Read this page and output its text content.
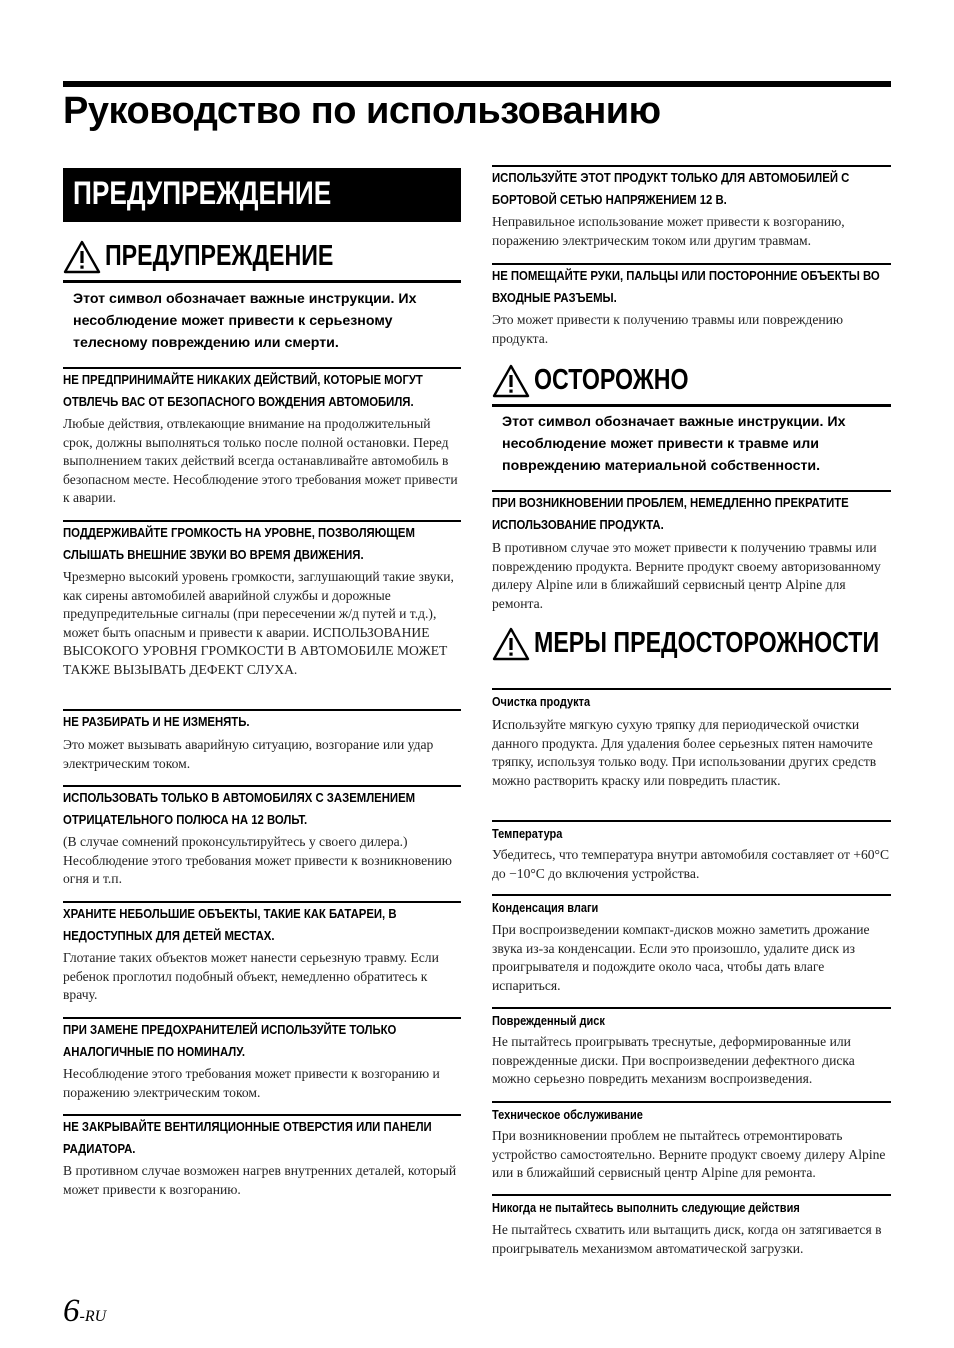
Руководство по использованию
ПРЕДУПРЕЖДЕНИЕ
ПРЕДУПРЕЖДЕНИЕ

Этот символ обозначает важные инструкции. Их несоблюдение может привести к серьезному телесному повреждению или смерти.

НЕ ПРЕДПРИНИМАЙТЕ НИКАКИХ ДЕЙСТВИЙ, КОТОРЫЕ МОГУТ ОТВЛЕЧЬ ВАС ОТ БЕЗОПАСНОГО ВОЖДЕНИЯ АВТОМОБИЛЯ.

Любые действия, отвлекающие внимание на продолжительный срок, должны выполняться только после полной остановки. Перед выполнением таких действий всегда останавливайте автомобиль в безопасном месте. Несоблюдение этого требования может привести к аварии.

ПОДДЕРЖИВАЙТЕ ГРОМКОСТЬ НА УРОВНЕ, ПОЗВОЛЯЮЩЕМ СЛЫШАТЬ ВНЕШНИЕ ЗВУКИ ВО ВРЕМЯ ДВИЖЕНИЯ.

Чрезмерно высокий уровень громкости, заглушающий такие звуки, как сирены автомобилей аварийной службы и дорожные предупредительные сигналы (при пересечении ж/д путей и т.д.), может быть опасным и привести к аварии. ИСПОЛЬЗОВАНИЕ ВЫСОКОГО УРОВНЯ ГРОМКОСТИ В АВТОМОБИЛЕ МОЖЕТ ТАКЖЕ ВЫЗЫВАТЬ ДЕФЕКТ СЛУХА.

НЕ РАЗБИРАТЬ И НЕ ИЗМЕНЯТЬ.

Это может вызывать аварийную ситуацию, возгорание или удар электрическим током.

ИСПОЛЬЗОВАТЬ ТОЛЬКО В АВТОМОБИЛЯХ С ЗАЗЕМЛЕНИЕМ ОТРИЦАТЕЛЬНОГО ПОЛЮСА НА 12 ВОЛЬТ.

(В случае сомнений проконсультируйтесь у своего дилера.) Несоблюдение этого требования может привести к возникновению огня и т.п.

ХРАНИТЕ НЕБОЛЬШИЕ ОБЪЕКТЫ, ТАКИЕ КАК БАТАРЕИ, В НЕДОСТУПНЫХ ДЛЯ ДЕТЕЙ МЕСТАХ.

Глотание таких объектов может нанести серьезную травму. Если ребенок проглотил подобный объект, немедленно обратитесь к врачу.

ПРИ ЗАМЕНЕ ПРЕДОХРАНИТЕЛЕЙ ИСПОЛЬЗУЙТЕ ТОЛЬКО АНАЛОГИЧНЫЕ ПО НОМИНАЛУ.

Несоблюдение этого требования может привести к возгоранию и поражению электрическим током.

НЕ ЗАКРЫВАЙТЕ ВЕНТИЛЯЦИОННЫЕ ОТВЕРСТИЯ ИЛИ ПАНЕЛИ РАДИАТОРА.

В противном случае возможен нагрев внутренних деталей, который может привести к возгоранию.

ИСПОЛЬЗУЙТЕ ЭТОТ ПРОДУКТ ТОЛЬКО ДЛЯ АВТОМОБИЛЕЙ С БОРТОВОЙ СЕТЬЮ НАПРЯЖЕНИЕМ 12 В.

Неправильное использование может привести к возгоранию, поражению электрическим током или другим травмам.

НЕ ПОМЕЩАЙТЕ РУКИ, ПАЛЬЦЫ ИЛИ ПОСТОРОННИЕ ОБЪЕКТЫ ВО ВХОДНЫЕ РАЗЪЕМЫ.

Это может привести к получению травмы или повреждению продукта.

ОСТОРОЖНО

Этот символ обозначает важные инструкции. Их несоблюдение может привести к травме или повреждению материальной собственности.

ПРИ ВОЗНИКНОВЕНИИ ПРОБЛЕМ, НЕМЕДЛЕННО ПРЕКРАТИТЕ ИСПОЛЬЗОВАНИЕ ПРОДУКТА.

В противном случае это может привести к получению травмы или повреждению продукта. Верните продукт своему авторизованному дилеру Alpine или в ближайший сервисный центр Alpine для ремонта.

МЕРЫ ПРЕДОСТОРОЖНОСТИ

Очистка продукта

Используйте мягкую сухую тряпку для периодической очистки данного продукта. Для удаления более серьезных пятен намочите тряпку, используя только воду. При использовании других средств можно растворить краску или повредить пластик.

Температура

Убедитесь, что температура внутри автомобиля составляет от +60°C до −10°C до включения устройства.

Конденсация влаги

При воспроизведении компакт-дисков можно заметить дрожание звука из-за конденсации. Если это произошло, удалите диск из проигрывателя и подождите около часа, чтобы дать влаге испариться.

Поврежденный диск

Не пытайтесь проигрывать треснутые, деформированные или поврежденные диски. При воспроизведении дефектного диска можно серьезно повредить механизм воспроизведения.

Техническое обслуживание

При возникновении проблем не пытайтесь отремонтировать устройство самостоятельно. Верните продукт своему дилеру Alpine или в ближайший сервисный центр Alpine для ремонта.

Никогда не пытайтесь выполнить следующие действия

Не пытайтесь схватить или вытащить диск, когда он затягивается в проигрыватель механизмом автоматической загрузки.

6-RU
